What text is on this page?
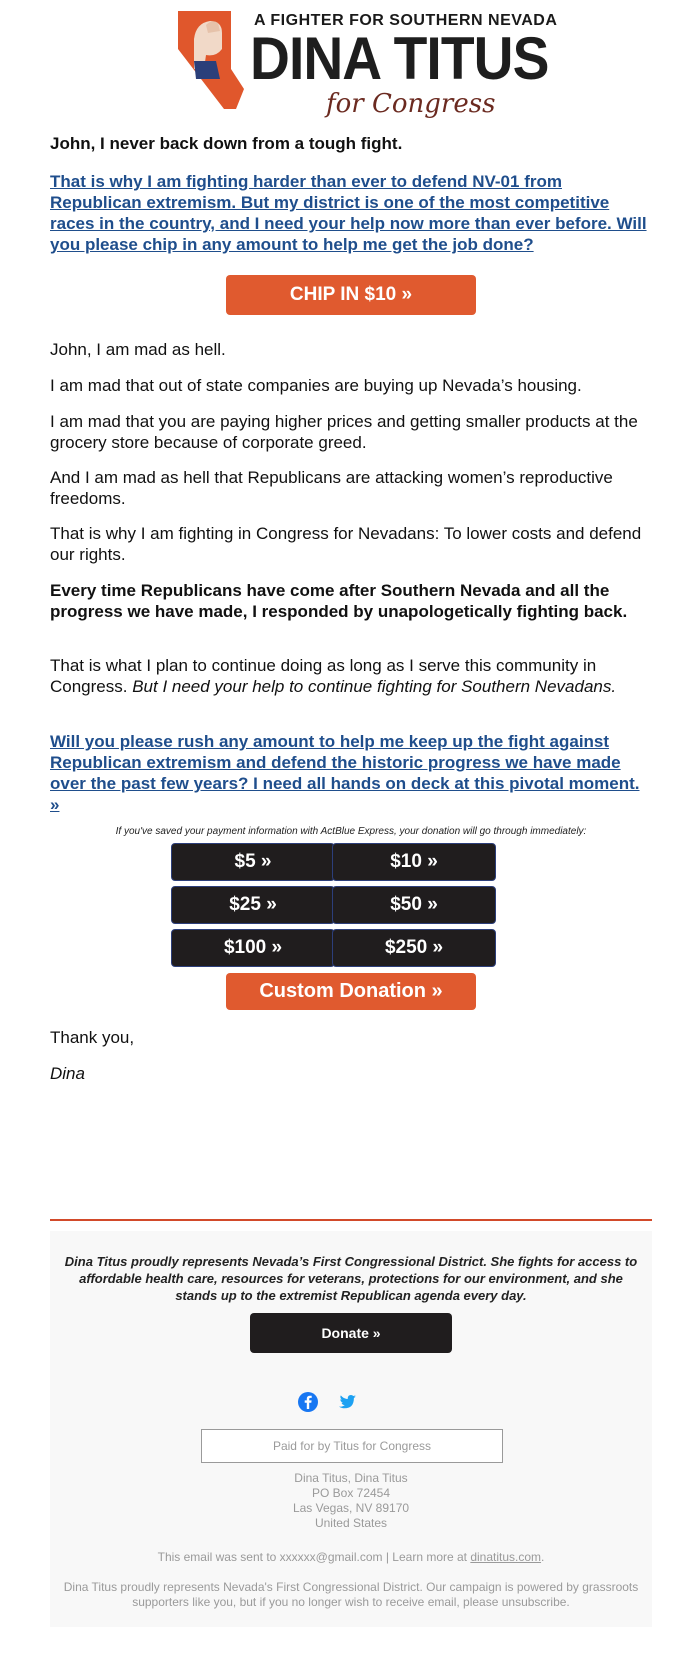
A FIGHTER FOR SOUTHERN NEVADA
DINA TITUS
for Congress
John, I never back down from a tough fight.
That is why I am fighting harder than ever to defend NV-01 from Republican extremism. But my district is one of the most competitive races in the country, and I need your help now more than ever before. Will you please chip in any amount to help me get the job done?
CHIP IN $10 »
John, I am mad as hell.
I am mad that out of state companies are buying up Nevada’s housing.
I am mad that you are paying higher prices and getting smaller products at the grocery store because of corporate greed.
And I am mad as hell that Republicans are attacking women’s reproductive freedoms.
That is why I am fighting in Congress for Nevadans: To lower costs and defend our rights.
Every time Republicans have come after Southern Nevada and all the progress we have made, I responded by unapologetically fighting back.
That is what I plan to continue doing as long as I serve this community in Congress. But I need your help to continue fighting for Southern Nevadans.
Will you please rush any amount to help me keep up the fight against Republican extremism and defend the historic progress we have made over the past few years? I need all hands on deck at this pivotal moment. »
If you've saved your payment information with ActBlue Express, your donation will go through immediately:
$5 »	$10 »
$25 »	$50 »
$100 »	$250 »
Custom Donation »
Thank you,
Dina
Dina Titus proudly represents Nevada’s First Congressional District. She fights for access to affordable health care, resources for veterans, protections for our environment, and she stands up to the extremist Republican agenda every day.
Donate »
Paid for by Titus for Congress
Dina Titus, Dina Titus
PO Box 72454
Las Vegas, NV 89170
United States
This email was sent to xxxxxx@gmail.com | Learn more at dinatitus.com.
Dina Titus proudly represents Nevada's First Congressional District. Our campaign is powered by grassroots supporters like you, but if you no longer wish to receive email, please unsubscribe.
